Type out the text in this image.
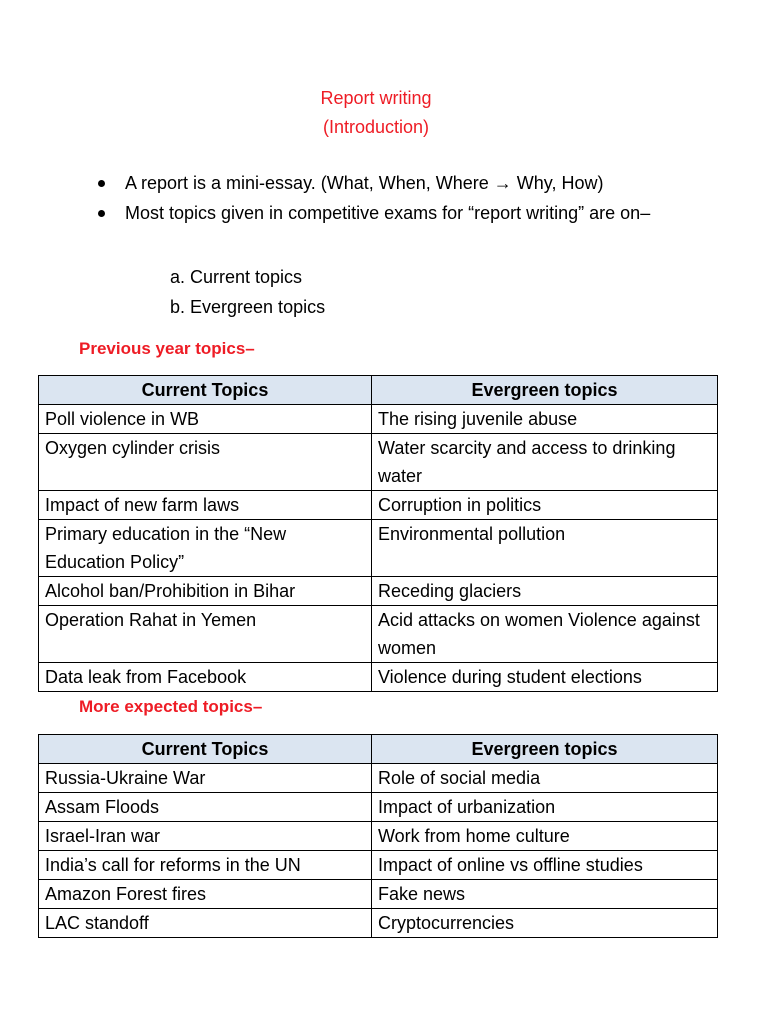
Report writing
(Introduction)
A report is a mini-essay. (What, When, Where → Why, How)
Most topics given in competitive exams for “report writing” are on–
a. Current topics
b. Evergreen topics
Previous year topics–
Current Topics	Evergreen topics
Poll violence in WB	The rising juvenile abuse
Oxygen cylinder crisis	Water scarcity and access to drinking water
Impact of new farm laws	Corruption in politics
Primary education in the “New Education Policy”	Environmental pollution
Alcohol ban/Prohibition in Bihar	Receding glaciers
Operation Rahat in Yemen	Acid attacks on women Violence against women
Data leak from Facebook	Violence during student elections
More expected topics–
Current Topics	Evergreen topics
Russia-Ukraine War	Role of social media
Assam Floods	Impact of urbanization
Israel-Iran war	Work from home culture
India’s call for reforms in the UN	Impact of online vs offline studies
Amazon Forest fires	Fake news
LAC standoff	Cryptocurrencies
